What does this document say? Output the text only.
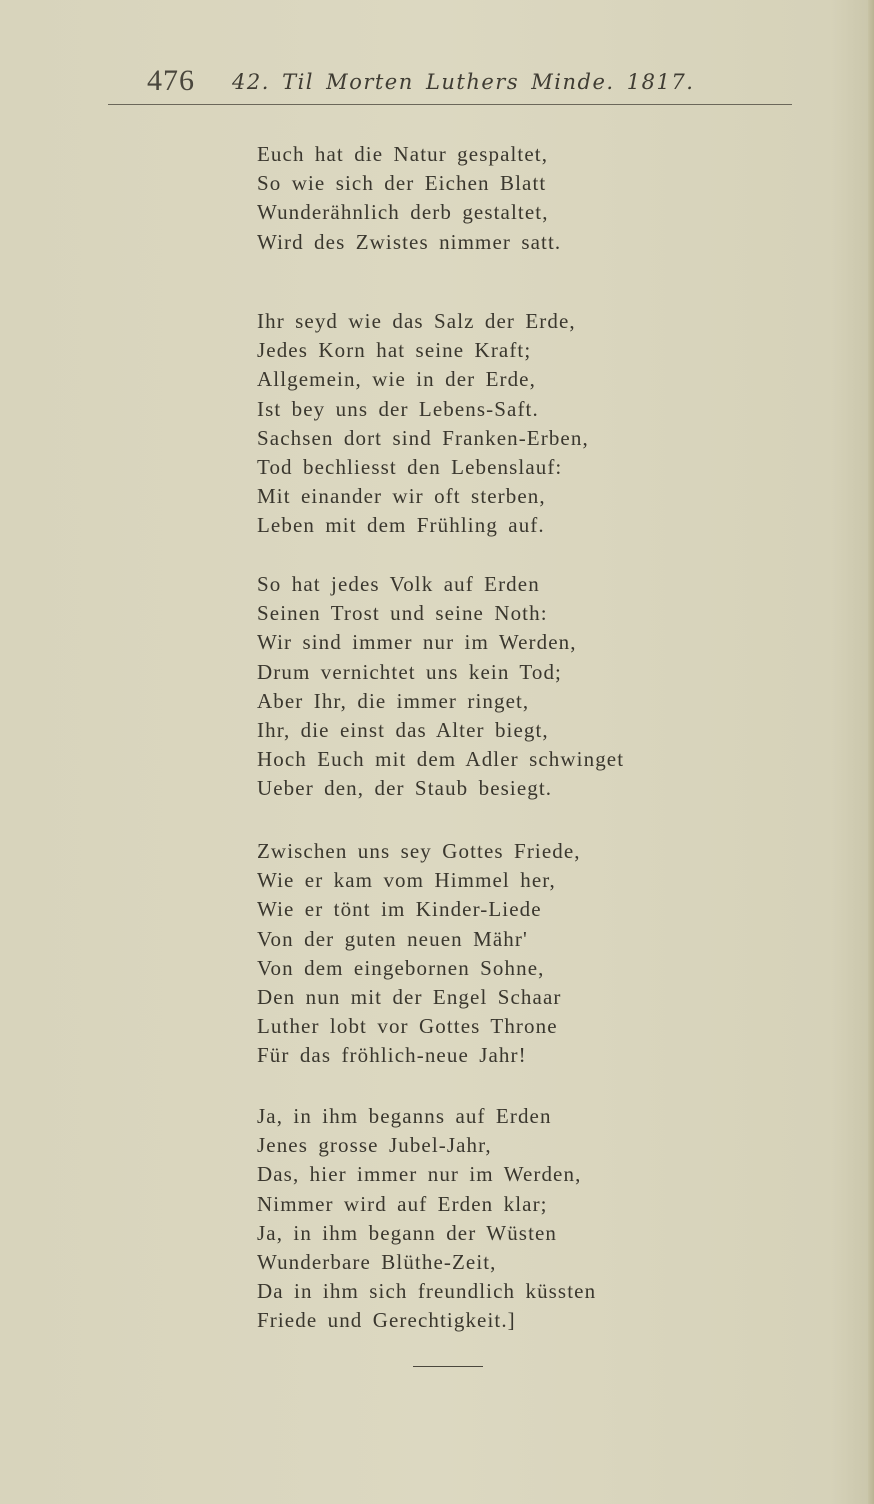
476 42. Til Morten Luthers Minde. 1817.
Euch hat die Natur gespaltet,
So wie sich der Eichen Blatt
Wunderähnlich derb gestaltet,
Wird des Zwistes nimmer satt.
Ihr seyd wie das Salz der Erde,
Jedes Korn hat seine Kraft;
Allgemein, wie in der Erde,
Ist bey uns der Lebens-Saft.
Sachsen dort sind Franken-Erben,
Tod bechliesst den Lebenslauf:
Mit einander wir oft sterben,
Leben mit dem Frühling auf.
So hat jedes Volk auf Erden
Seinen Trost und seine Noth:
Wir sind immer nur im Werden,
Drum vernichtet uns kein Tod;
Aber Ihr, die immer ringet,
Ihr, die einst das Alter biegt,
Hoch Euch mit dem Adler schwinget
Ueber den, der Staub besiegt.
Zwischen uns sey Gottes Friede,
Wie er kam vom Himmel her,
Wie er tönt im Kinder-Liede
Von der guten neuen Mähr'
Von dem eingebornen Sohne,
Den nun mit der Engel Schaar
Luther lobt vor Gottes Throne
Für das fröhlich-neue Jahr!
Ja, in ihm beganns auf Erden
Jenes grosse Jubel-Jahr,
Das, hier immer nur im Werden,
Nimmer wird auf Erden klar;
Ja, in ihm begann der Wüsten
Wunderbare Blüthe-Zeit,
Da in ihm sich freundlich küssten
Friede und Gerechtigkeit.]
